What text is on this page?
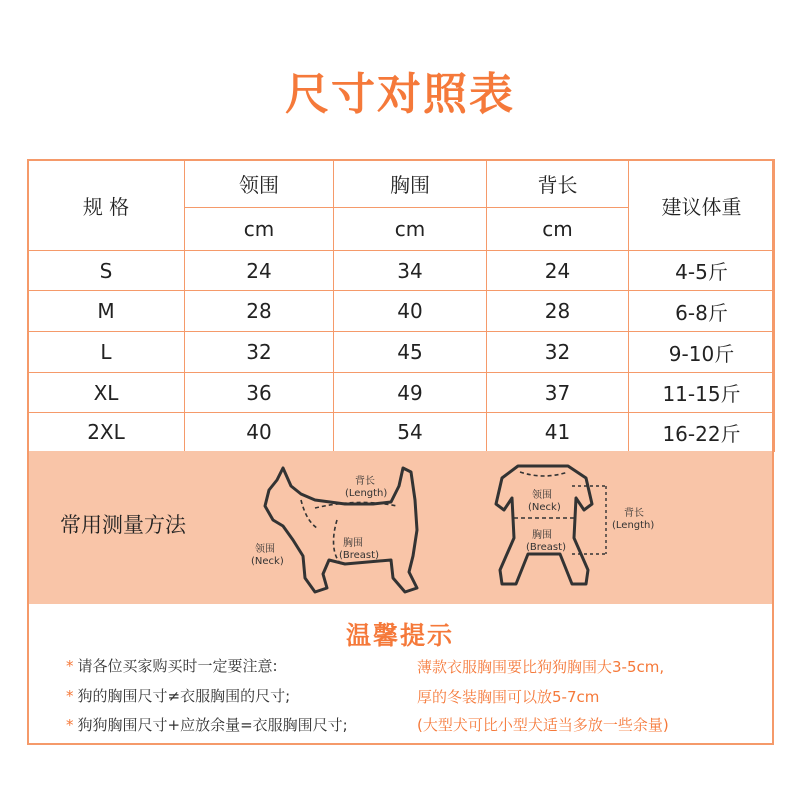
尺寸对照表
规 格	领围	胸围	背长	建议体重
	cm	cm	cm	
S	24	34	24	4-5斤
M	28	40	28	6-8斤
L	32	45	32	9-10斤
XL	36	49	37	11-15斤
2XL	40	54	41	16-22斤
常用测量方法
背长
(Length)
领围
(Neck)
胸围
(Breast)
领围
(Neck)
胸围
(Breast)
背长
(Length)
温馨提示
* 请各位买家购买时一定要注意:
* 狗的胸围尺寸≠衣服胸围的尺寸;
* 狗狗胸围尺寸+应放余量=衣服胸围尺寸;
薄款衣服胸围要比狗狗胸围大3-5cm,
厚的冬装胸围可以放5-7cm
(大型犬可比小型犬适当多放一些余量)
